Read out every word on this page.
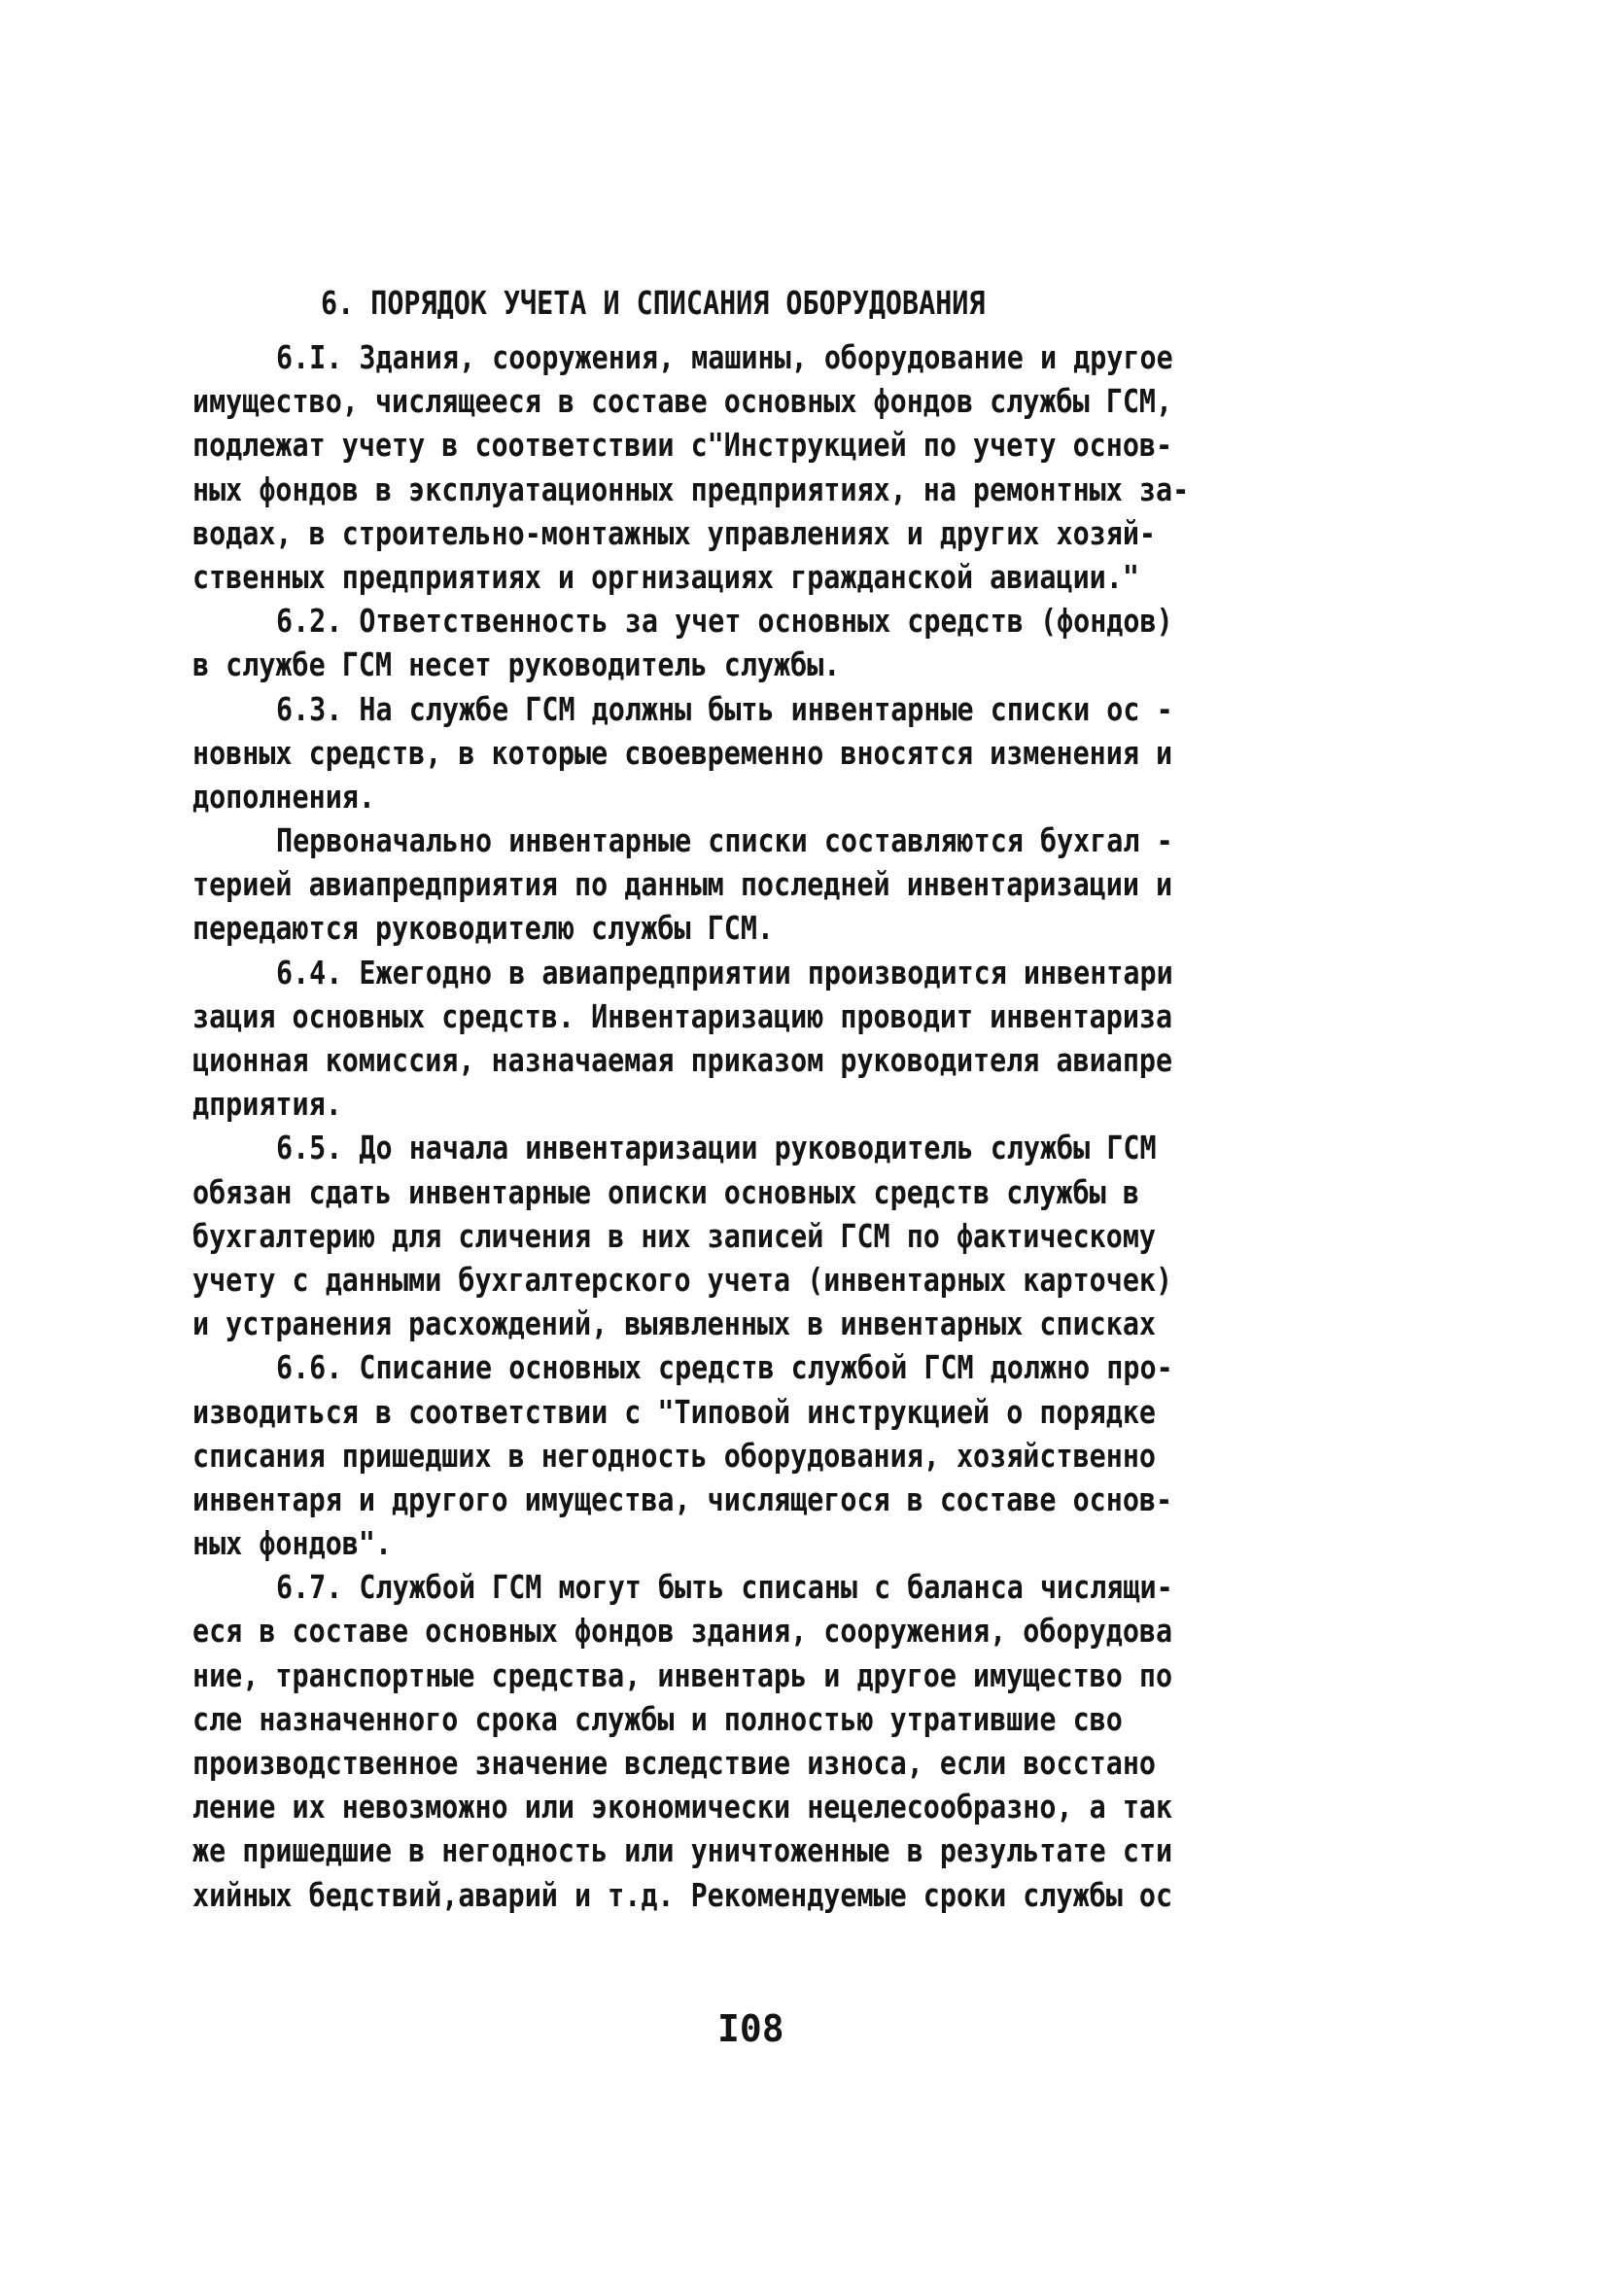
6. ПОРЯДОК УЧЕТА И СПИСАНИЯ ОБОРУДОВАНИЯ
6.I. Здания, сооружения, машины, оборудование и другое
имущество, числящееся в составе основных фондов службы ГСМ,
подлежат учету в соответствии с"Инструкцией по учету основ-
ных фондов в эксплуатационных предприятиях, на ремонтных за-
водах, в строительно-монтажных управлениях и других хозяй-
ственных предприятиях и оргнизациях гражданской авиации."
6.2. Ответственность за учет основных средств (фондов)
в службе ГСМ несет руководитель службы.
6.3. На службе ГСМ должны быть инвентарные списки ос -
новных средств, в которые своевременно вносятся изменения и
дополнения.
Первоначально инвентарные списки составляются бухгал -
терией авиапредприятия по данным последней инвентаризации и
передаются руководителю службы ГСМ.
6.4. Ежегодно в авиапредприятии производится инвентари
зация основных средств. Инвентаризацию проводит инвентариза
ционная комиссия, назначаемая приказом руководителя авиапре
дприятия.
6.5. До начала инвентаризации руководитель службы ГСМ
обязан сдать инвентарные описки основных средств службы в
бухгалтерию для сличения в них записей ГСМ по фактическому
учету с данными бухгалтерского учета (инвентарных карточек)
и устранения расхождений, выявленных в инвентарных списках
6.6. Списание основных средств службой ГСМ должно про-
изводиться в соответствии с "Типовой инструкцией о порядке
списания пришедших в негодность оборудования, хозяйственно
инвентаря и другого имущества, числящегося в составе основ-
ных фондов".
6.7. Службой ГСМ могут быть списаны с баланса числящи-
еся в составе основных фондов здания, сооружения, оборудова
ние, транспортные средства, инвентарь и другое имущество по
сле назначенного срока службы и полностью утратившие сво
производственное значение вследствие износа, если восстано
ление их невозможно или экономически нецелесообразно, а так
же пришедшие в негодность или уничтоженные в результате сти
хийных бедствий,аварий и т.д. Рекомендуемые сроки службы ос
I08
